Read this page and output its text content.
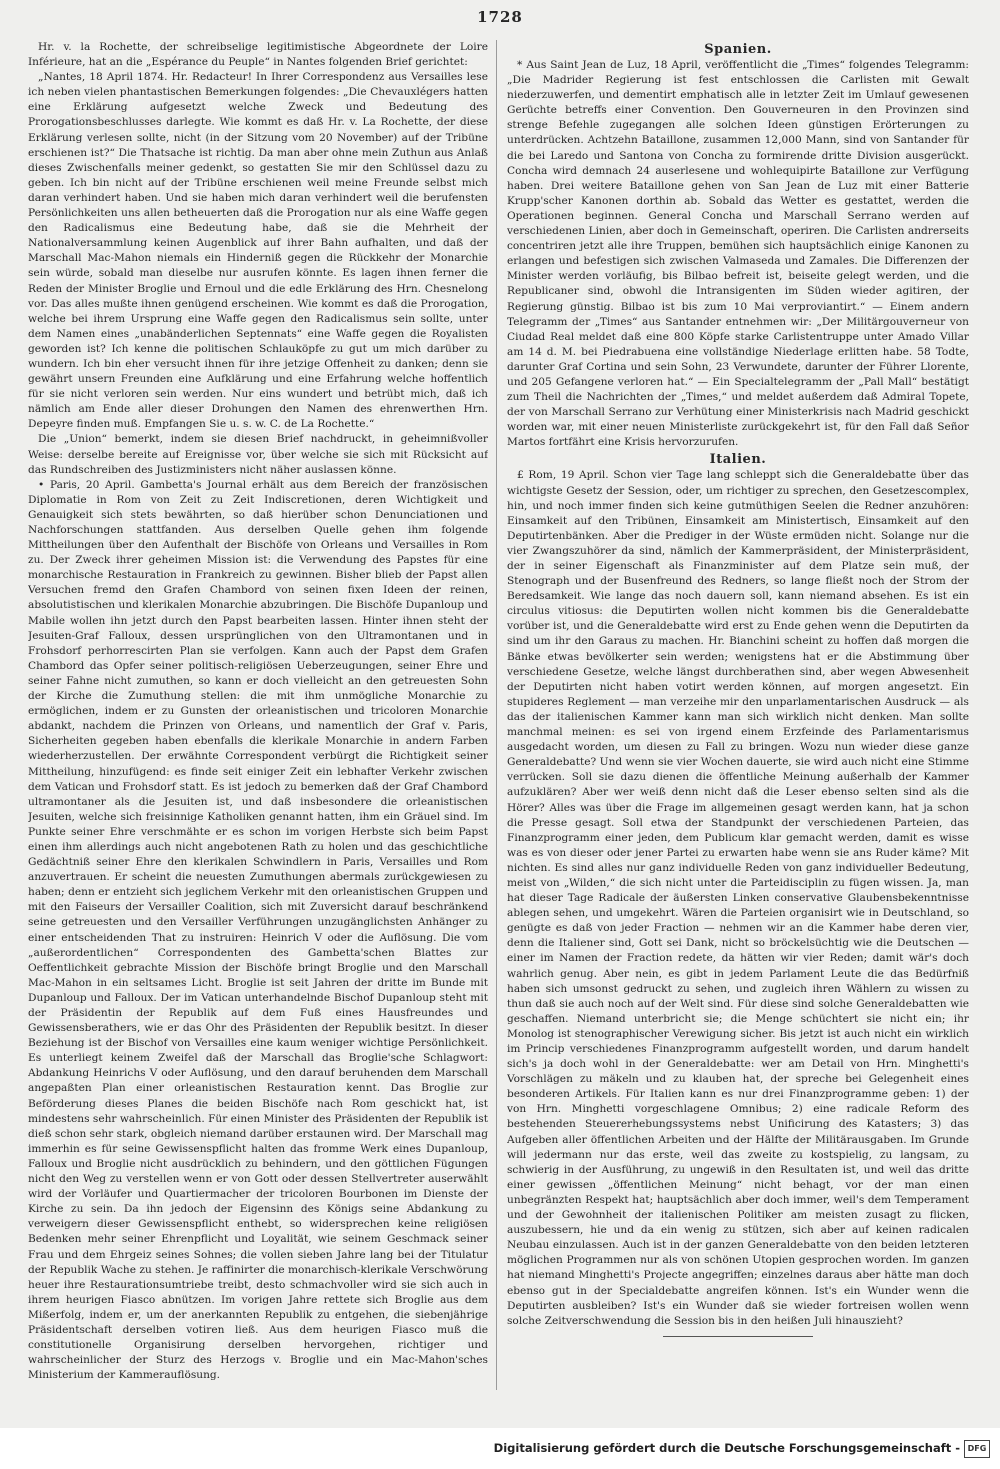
1728

Hr. v. la Rochette, der schreibselige legitimistische Abgeordnete der Loire Inférieure, hat an die „Espérance du Peuple“ in Nantes folgenden Brief gerichtet:

„Nantes, 18 April 1874. Hr. Redacteur! In Ihrer Correspondenz aus Versailles lese ich neben vielen phantastischen Bemerkungen folgendes: „Die Chevauxlégers hatten eine Erklärung aufgesetzt welche Zweck und Bedeutung des Prorogationsbeschlusses darlegte. Wie kommt es daß Hr. v. La Rochette, der diese Erklärung verlesen sollte, nicht (in der Sitzung vom 20 November) auf der Tribüne erschienen ist?“ Die Thatsache ist richtig. Da man aber ohne mein Zuthun aus Anlaß dieses Zwischenfalls meiner gedenkt, so gestatten Sie mir den Schlüssel dazu zu geben. Ich bin nicht auf der Tribüne erschienen weil meine Freunde selbst mich daran verhindert haben. Und sie haben mich daran verhindert weil die berufensten Persönlichkeiten uns allen betheuerten daß die Prorogation nur als eine Waffe gegen den Radicalismus eine Bedeutung habe, daß sie die Mehrheit der Nationalversammlung keinen Augenblick auf ihrer Bahn aufhalten, und daß der Marschall Mac-Mahon niemals ein Hinderniß gegen die Rückkehr der Monarchie sein würde, sobald man dieselbe nur ausrufen könnte. Es lagen ihnen ferner die Reden der Minister Broglie und Ernoul und die edle Erklärung des Hrn. Chesnelong vor. Das alles mußte ihnen genügend erscheinen. Wie kommt es daß die Prorogation, welche bei ihrem Ursprung eine Waffe gegen den Radicalismus sein sollte, unter dem Namen eines „unabänderlichen Septennats“ eine Waffe gegen die Royalisten geworden ist? Ich kenne die politischen Schlauköpfe zu gut um mich darüber zu wundern. Ich bin eher versucht ihnen für ihre jetzige Offenheit zu danken; denn sie gewährt unsern Freunden eine Aufklärung und eine Erfahrung welche hoffentlich für sie nicht verloren sein werden. Nur eins wundert und betrübt mich, daß ich nämlich am Ende aller dieser Drohungen den Namen des ehrenwerthen Hrn. Depeyre finden muß. Empfangen Sie u. s. w. C. de La Rochette.“

Die „Union“ bemerkt, indem sie diesen Brief nachdruckt, in geheimnißvoller Weise: derselbe bereite auf Ereignisse vor, über welche sie sich mit Rücksicht auf das Rundschreiben des Justizministers nicht näher auslassen könne.

• Paris, 20 April. Gambetta's Journal erhält aus dem Bereich der französischen Diplomatie in Rom von Zeit zu Zeit Indiscretionen, deren Wichtigkeit und Genauigkeit sich stets bewährten, so daß hierüber schon Denunciationen und Nachforschungen stattfanden. Aus derselben Quelle gehen ihm folgende Mittheilungen über den Aufenthalt der Bischöfe von Orleans und Versailles in Rom zu. Der Zweck ihrer geheimen Mission ist: die Verwendung des Papstes für eine monarchische Restauration in Frankreich zu gewinnen. Bisher blieb der Papst allen Versuchen fremd den Grafen Chambord von seinen fixen Ideen der reinen, absolutistischen und klerikalen Monarchie abzubringen. Die Bischöfe Dupanloup und Mabile wollen ihn jetzt durch den Papst bearbeiten lassen. Hinter ihnen steht der Jesuiten-Graf Falloux, dessen ursprünglichen von den Ultramontanen und in Frohsdorf perhorrescirten Plan sie verfolgen. Kann auch der Papst dem Grafen Chambord das Opfer seiner politisch-religiösen Ueberzeugungen, seiner Ehre und seiner Fahne nicht zumuthen, so kann er doch vielleicht an den getreuesten Sohn der Kirche die Zumuthung stellen: die mit ihm unmögliche Monarchie zu ermöglichen, indem er zu Gunsten der orleanistischen und tricoloren Monarchie abdankt, nachdem die Prinzen von Orleans, und namentlich der Graf v. Paris, Sicherheiten gegeben haben ebenfalls die klerikale Monarchie in andern Farben wiederherzustellen. Der erwähnte Correspondent verbürgt die Richtigkeit seiner Mittheilung, hinzufügend: es finde seit einiger Zeit ein lebhafter Verkehr zwischen dem Vatican und Frohsdorf statt. Es ist jedoch zu bemerken daß der Graf Chambord ultramontaner als die Jesuiten ist, und daß insbesondere die orleanistischen Jesuiten, welche sich freisinnige Katholiken genannt hatten, ihm ein Gräuel sind. Im Punkte seiner Ehre verschmähte er es schon im vorigen Herbste sich beim Papst einen ihm allerdings auch nicht angebotenen Rath zu holen und das geschichtliche Gedächtniß seiner Ehre den klerikalen Schwindlern in Paris, Versailles und Rom anzuvertrauen. Er scheint die neuesten Zumuthungen abermals zurückgewiesen zu haben; denn er entzieht sich jeglichem Verkehr mit den orleanistischen Gruppen und mit den Faiseurs der Versailler Coalition, sich mit Zuversicht darauf beschränkend seine getreuesten und den Versailler Verführungen unzugänglichsten Anhänger zu einer entscheidenden That zu instruiren: Heinrich V oder die Auflösung. Die vom „außerordentlichen“ Correspondenten des Gambetta'schen Blattes zur Oeffentlichkeit gebrachte Mission der Bischöfe bringt Broglie und den Marschall Mac-Mahon in ein seltsames Licht. Broglie ist seit Jahren der dritte im Bunde mit Dupanloup und Falloux. Der im Vatican unterhandelnde Bischof Dupanloup steht mit der Präsidentin der Republik auf dem Fuß eines Hausfreundes und Gewissensberathers, wie er das Ohr des Präsidenten der Republik besitzt. In dieser Beziehung ist der Bischof von Versailles eine kaum weniger wichtige Persönlichkeit. Es unterliegt keinem Zweifel daß der Marschall das Broglie'sche Schlagwort: Abdankung Heinrichs V oder Auflösung, und den darauf beruhenden dem Marschall angepaßten Plan einer orleanistischen Restauration kennt. Das Broglie zur Beförderung dieses Planes die beiden Bischöfe nach Rom geschickt hat, ist mindestens sehr wahrscheinlich. Für einen Minister des Präsidenten der Republik ist dieß schon sehr stark, obgleich niemand darüber erstaunen wird. Der Marschall mag immerhin es für seine Gewissenspflicht halten das fromme Werk eines Dupanloup, Falloux und Broglie nicht ausdrücklich zu behindern, und den göttlichen Fügungen nicht den Weg zu verstellen wenn er von Gott oder dessen Stellvertreter auserwählt wird der Vorläufer und Quartiermacher der tricoloren Bourbonen im Dienste der Kirche zu sein. Da ihn jedoch der Eigensinn des Königs seine Abdankung zu verweigern dieser Gewissenspflicht enthebt, so widersprechen keine religiösen Bedenken mehr seiner Ehrenpflicht und Loyalität, wie seinem Geschmack seiner Frau und dem Ehrgeiz seines Sohnes; die vollen sieben Jahre lang bei der Titulatur der Republik Wache zu stehen. Je raffinirter die monarchisch-klerikale Verschwörung heuer ihre Restaurationsumtriebe treibt, desto schmachvoller wird sie sich auch in ihrem heurigen Fiasco abnützen. Im vorigen Jahre rettete sich Broglie aus dem Mißerfolg, indem er, um der anerkannten Republik zu entgehen, die siebenjährige Präsidentschaft derselben votiren ließ. Aus dem heurigen Fiasco muß die constitutionelle Organisirung derselben hervorgehen, richtiger und wahrscheinlicher der Sturz des Herzogs v. Broglie und ein Mac-Mahon'sches Ministerium der Kammerauflösung.

Spanien.

* Aus Saint Jean de Luz, 18 April, veröffentlicht die „Times“ folgendes Telegramm: „Die Madrider Regierung ist fest entschlossen die Carlisten mit Gewalt niederzuwerfen, und dementirt emphatisch alle in letzter Zeit im Umlauf gewesenen Gerüchte betreffs einer Convention. Den Gouverneuren in den Provinzen sind strenge Befehle zugegangen alle solchen Ideen günstigen Erörterungen zu unterdrücken. Achtzehn Bataillone, zusammen 12,000 Mann, sind von Santander für die bei Laredo und Santona von Concha zu formirende dritte Division ausgerückt. Concha wird demnach 24 auserlesene und wohlequipirte Bataillone zur Verfügung haben. Drei weitere Bataillone gehen von San Jean de Luz mit einer Batterie Krupp'scher Kanonen dorthin ab. Sobald das Wetter es gestattet, werden die Operationen beginnen. General Concha und Marschall Serrano werden auf verschiedenen Linien, aber doch in Gemeinschaft, operiren. Die Carlisten andrerseits concentriren jetzt alle ihre Truppen, bemühen sich hauptsächlich einige Kanonen zu erlangen und befestigen sich zwischen Valmaseda und Zamales. Die Differenzen der Minister werden vorläufig, bis Bilbao befreit ist, beiseite gelegt werden, und die Republicaner sind, obwohl die Intransigenten im Süden wieder agitiren, der Regierung günstig. Bilbao ist bis zum 10 Mai verproviantirt.“ — Einem andern Telegramm der „Times“ aus Santander entnehmen wir: „Der Militärgouverneur von Ciudad Real meldet daß eine 800 Köpfe starke Carlistentruppe unter Amado Villar am 14 d. M. bei Piedrabuena eine vollständige Niederlage erlitten habe. 58 Todte, darunter Graf Cortina und sein Sohn, 23 Verwundete, darunter der Führer Llorente, und 205 Gefangene verloren hat.“ — Ein Specialtelegramm der „Pall Mall“ bestätigt zum Theil die Nachrichten der „Times,“ und meldet außerdem daß Admiral Topete, der von Marschall Serrano zur Verhütung einer Ministerkrisis nach Madrid geschickt worden war, mit einer neuen Ministerliste zurückgekehrt ist, für den Fall daß Señor Martos fortfährt eine Krisis hervorzurufen.

Italien.

£ Rom, 19 April. Schon vier Tage lang schleppt sich die Generaldebatte über das wichtigste Gesetz der Session, oder, um richtiger zu sprechen, den Gesetzescomplex, hin, und noch immer finden sich keine gutmüthigen Seelen die Redner anzuhören: Einsamkeit auf den Tribünen, Einsamkeit am Ministertisch, Einsamkeit auf den Deputirtenbänken. Aber die Prediger in der Wüste ermüden nicht. Solange nur die vier Zwangszuhörer da sind, nämlich der Kammerpräsident, der Ministerpräsident, der in seiner Eigenschaft als Finanzminister auf dem Platze sein muß, der Stenograph und der Busenfreund des Redners, so lange fließt noch der Strom der Beredsamkeit. Wie lange das noch dauern soll, kann niemand absehen. Es ist ein circulus vitiosus: die Deputirten wollen nicht kommen bis die Generaldebatte vorüber ist, und die Generaldebatte wird erst zu Ende gehen wenn die Deputirten da sind um ihr den Garaus zu machen. Hr. Bianchini scheint zu hoffen daß morgen die Bänke etwas bevölkerter sein werden; wenigstens hat er die Abstimmung über verschiedene Gesetze, welche längst durchberathen sind, aber wegen Abwesenheit der Deputirten nicht haben votirt werden können, auf morgen angesetzt. Ein stupideres Reglement — man verzeihe mir den unparlamentarischen Ausdruck — als das der italienischen Kammer kann man sich wirklich nicht denken. Man sollte manchmal meinen: es sei von irgend einem Erzfeinde des Parlamentarismus ausgedacht worden, um diesen zu Fall zu bringen. Wozu nun wieder diese ganze Generaldebatte? Und wenn sie vier Wochen dauerte, sie wird auch nicht eine Stimme verrücken. Soll sie dazu dienen die öffentliche Meinung außerhalb der Kammer aufzuklären? Aber wer weiß denn nicht daß die Leser ebenso selten sind als die Hörer? Alles was über die Frage im allgemeinen gesagt werden kann, hat ja schon die Presse gesagt. Soll etwa der Standpunkt der verschiedenen Parteien, das Finanzprogramm einer jeden, dem Publicum klar gemacht werden, damit es wisse was es von dieser oder jener Partei zu erwarten habe wenn sie ans Ruder käme? Mit nichten. Es sind alles nur ganz individuelle Reden von ganz individueller Bedeutung, meist von „Wilden,“ die sich nicht unter die Parteidisciplin zu fügen wissen. Ja, man hat dieser Tage Radicale der äußersten Linken conservative Glaubensbekenntnisse ablegen sehen, und umgekehrt. Wären die Parteien organisirt wie in Deutschland, so genügte es daß von jeder Fraction — nehmen wir an die Kammer habe deren vier, denn die Italiener sind, Gott sei Dank, nicht so bröckelsüchtig wie die Deutschen — einer im Namen der Fraction redete, da hätten wir vier Reden; damit wär's doch wahrlich genug. Aber nein, es gibt in jedem Parlament Leute die das Bedürfniß haben sich umsonst gedruckt zu sehen, und zugleich ihren Wählern zu wissen zu thun daß sie auch noch auf der Welt sind. Für diese sind solche Generaldebatten wie geschaffen. Niemand unterbricht sie; die Menge schüchtert sie nicht ein; ihr Monolog ist stenographischer Verewigung sicher. Bis jetzt ist auch nicht ein wirklich im Princip verschiedenes Finanzprogramm aufgestellt worden, und darum handelt sich's ja doch wohl in der Generaldebatte: wer am Detail von Hrn. Minghetti's Vorschlägen zu mäkeln und zu klauben hat, der spreche bei Gelegenheit eines besonderen Artikels. Für Italien kann es nur drei Finanzprogramme geben: 1) der von Hrn. Minghetti vorgeschlagene Omnibus; 2) eine radicale Reform des bestehenden Steuererhebungssystems nebst Unificirung des Katasters; 3) das Aufgeben aller öffentlichen Arbeiten und der Hälfte der Militärausgaben. Im Grunde will jedermann nur das erste, weil das zweite zu kostspielig, zu langsam, zu schwierig in der Ausführung, zu ungewiß in den Resultaten ist, und weil das dritte einer gewissen „öffentlichen Meinung“ nicht behagt, vor der man einen unbegränzten Respekt hat; hauptsächlich aber doch immer, weil's dem Temperament und der Gewohnheit der italienischen Politiker am meisten zusagt zu flicken, auszubessern, hie und da ein wenig zu stützen, sich aber auf keinen radicalen Neubau einzulassen. Auch ist in der ganzen Generaldebatte von den beiden letzteren möglichen Programmen nur als von schönen Utopien gesprochen worden. Im ganzen hat niemand Minghetti's Projecte angegriffen; einzelnes daraus aber hätte man doch ebenso gut in der Specialdebatte angreifen können. Ist's ein Wunder wenn die Deputirten ausbleiben? Ist's ein Wunder daß sie wieder fortreisen wollen wenn solche Zeitverschwendung die Session bis in den heißen Juli hinauszieht?

Digitalisierung gefördert durch die Deutsche Forschungsgemeinschaft - DFG
